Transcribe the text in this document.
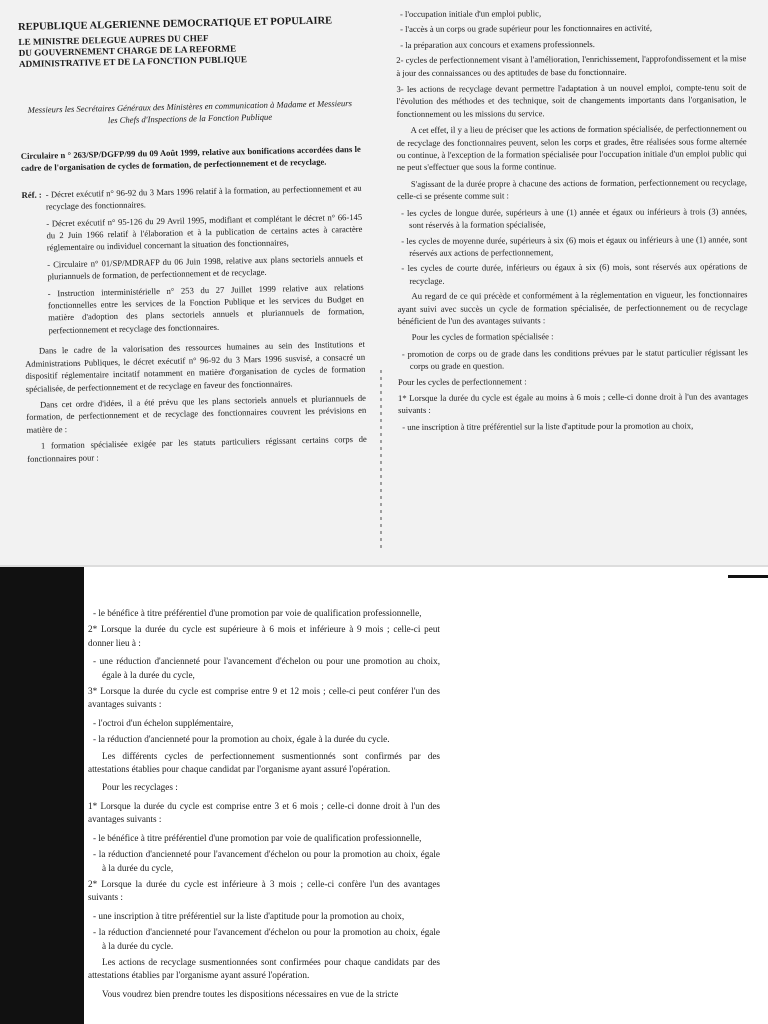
REPUBLIQUE ALGERIENNE DEMOCRATIQUE ET POPULAIRE
LE MINISTRE DELEGUE AUPRES DU CHEF
DU GOUVERNEMENT CHARGE DE LA REFORME
ADMINISTRATIVE ET DE LA FONCTION PUBLIQUE
Messieurs les Secrétaires Généraux des Ministères en communication à Madame et Messieurs les Chefs d'Inspections de la Fonction Publique
Circulaire n ° 263/SP/DGFP/99 du 09 Août 1999, relative aux bonifications accordées dans le cadre de l'organisation de cycles de formation, de perfectionnement et de recyclage.
Réf. : - Décret exécutif n° 96-92 du 3 Mars 1996 relatif à la formation, au perfectionnement et au recyclage des fonctionnaires.

- Décret exécutif n° 95-126 du 29 Avril 1995, modifiant et complétant le décret n° 66-145 du 2 Juin 1966 relatif à l'élaboration et à la publication de certains actes à caractère réglementaire ou individuel concernant la situation des fonctionnaires,

- Circulaire n° 01/SP/MDRAFP du 06 Juin 1998, relative aux plans sectoriels annuels et pluriannuels de formation, de perfectionnement et de recyclage.

- Instruction interministérielle n° 253 du 27 Juillet 1999 relative aux relations fonctionnelles entre les services de la Fonction Publique et les services du Budget en matière d'adoption des plans sectoriels annuels et pluriannuels de formation, perfectionnement et recyclage des fonctionnaires.

Dans le cadre de la valorisation des ressources humaines au sein des Institutions et Administrations Publiques, le décret exécutif n° 96-92 du 3 Mars 1996 susvisé, a consacré un dispositif réglementaire incitatif notamment en matière d'organisation de cycles de formation spécialisée, de perfectionnement et de recyclage en faveur des fonctionnaires.

Dans cet ordre d'idées, il a été prévu que les plans sectoriels annuels et pluriannuels de formation, de perfectionnement et de recyclage des fonctionnaires couvrent les prévisions en matière de :

1 formation spécialisée exigée par les statuts particuliers régissant certains corps de fonctionnaires pour :

- l'occupation initiale d'un emploi public,

- l'accès à un corps ou grade supérieur pour les fonctionnaires en activité,

- la préparation aux concours et examens professionnels.

2- cycles de perfectionnement visant à l'amélioration, l'enrichissement, l'approfondissement et la mise à jour des connaissances ou des aptitudes de base du fonctionnaire.

3- les actions de recyclage devant permettre l'adaptation à un nouvel emploi, compte-tenu soit de l'évolution des méthodes et des technique, soit de changements importants dans l'organisation, le fonctionnement ou les missions du service.

A cet effet, il y a lieu de préciser que les actions de formation spécialisée, de perfectionnement ou de recyclage des fonctionnaires peuvent, selon les corps et grades, être réalisées sous forme alternée ou continue, à l'exception de la formation spécialisée pour l'occupation initiale d'un emploi public qui ne peut s'effectuer que sous la forme continue.

S'agissant de la durée propre à chacune des actions de formation, perfectionnement ou recyclage, celle-ci se présente comme suit :

- les cycles de longue durée, supérieurs à une (1) année et égaux ou inférieurs à trois (3) années, sont réservés à la formation spécialisée,

- les cycles de moyenne durée, supérieurs à six (6) mois et égaux ou inférieurs à une (1) année, sont réservés aux actions de perfectionnement,

- les cycles de courte durée, inférieurs ou égaux à six (6) mois, sont réservés aux opérations de recyclage.

Au regard de ce qui précède et conformément à la réglementation en vigueur, les fonctionnaires ayant suivi avec succès un cycle de formation spécialisée, de perfectionnement ou de recyclage bénéficient de l'un des avantages suivants :

Pour les cycles de formation spécialisée :

- promotion de corps ou de grade dans les conditions prévues par le statut particulier régissant les corps ou grade en question.

Pour les cycles de perfectionnement :

1* Lorsque la durée du cycle est égale au moins à 6 mois ; celle-ci donne droit à l'un des avantages suivants :

- une inscription à titre préférentiel sur la liste d'aptitude pour la promotion au choix,

- le bénéfice à titre préférentiel d'une promotion par voie de qualification professionnelle,

2* Lorsque la durée du cycle est supérieure à 6 mois et inférieure à 9 mois ; celle-ci peut donner lieu à :

- une réduction d'ancienneté pour l'avancement d'échelon ou pour une promotion au choix, égale à la durée du cycle,

3* Lorsque la durée du cycle est comprise entre 9 et 12 mois ; celle-ci peut conférer l'un des avantages suivants :

- l'octroi d'un échelon supplémentaire,

- la réduction d'ancienneté pour la promotion au choix, égale à la durée du cycle.

Les différents cycles de perfectionnement susmentionnés sont confirmés par des attestations établies pour chaque candidat par l'organisme ayant assuré l'opération.

Pour les recyclages :

1* Lorsque la durée du cycle est comprise entre 3 et 6 mois ; celle-ci donne droit à l'un des avantages suivants :

- le bénéfice à titre préférentiel d'une promotion par voie de qualification professionnelle,

- la réduction d'ancienneté pour l'avancement d'échelon ou pour la promotion au choix, égale à la durée du cycle,

2* Lorsque la durée du cycle est inférieure à 3 mois ; celle-ci confère l'un des avantages suivants :

- une inscription à titre préférentiel sur la liste d'aptitude pour la promotion au choix,

- la réduction d'ancienneté pour l'avancement d'échelon ou pour la promotion au choix, égale à la durée du cycle.

Les actions de recyclage susmentionnées sont confirmées pour chaque candidats par des attestations établies par l'organisme ayant assuré l'opération.

Vous voudrez bien prendre toutes les dispositions nécessaires en vue de la stricte
